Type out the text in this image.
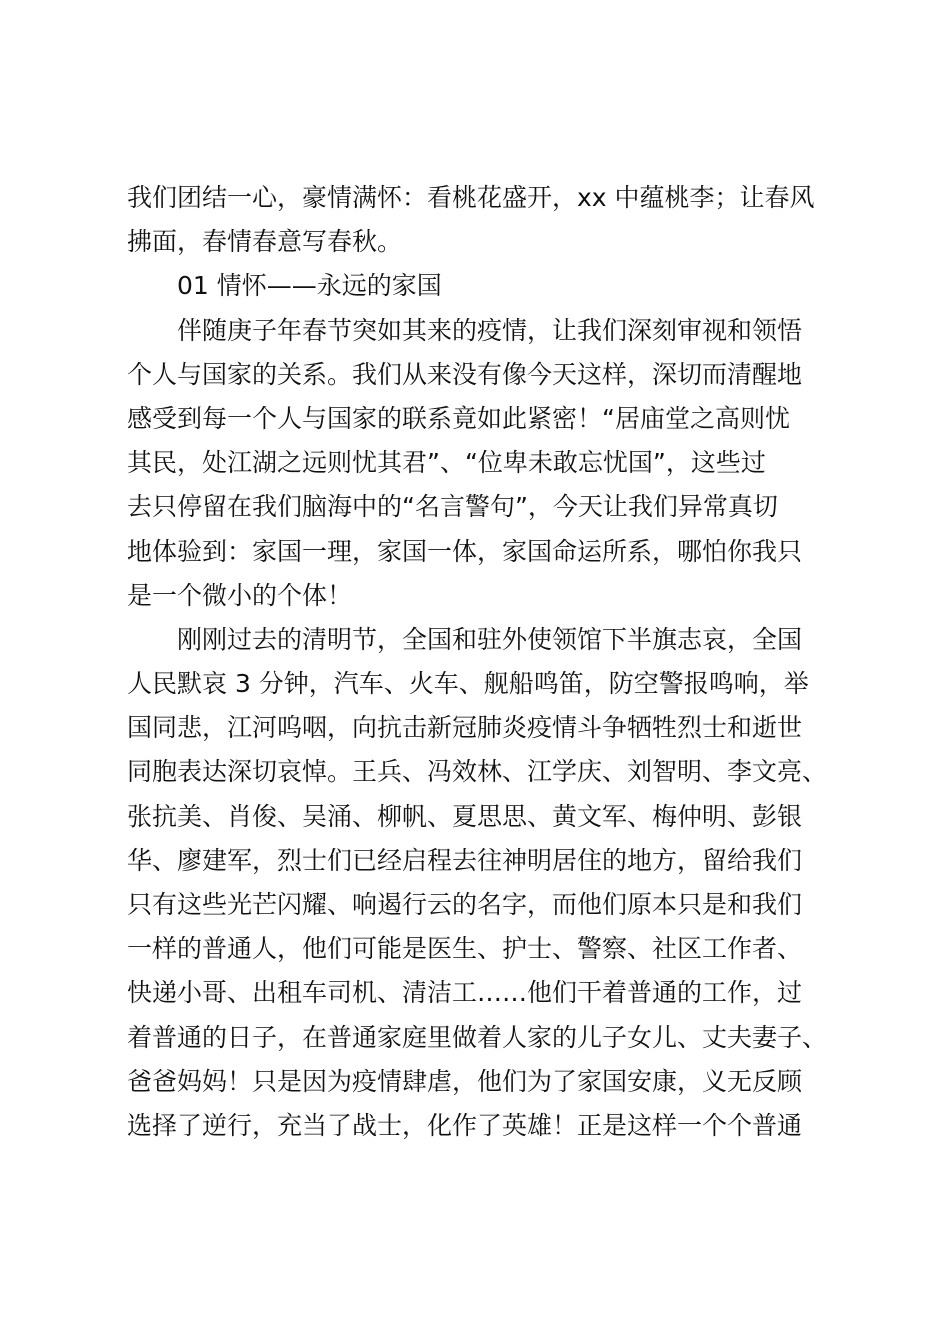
我们团结一心，豪情满怀：看桃花盛开，xx 中蕴桃李；让春风
拂面，春情春意写春秋。
01 情怀——永远的家国
伴随庚子年春节突如其来的疫情，让我们深刻审视和领悟
个人与国家的关系。我们从来没有像今天这样，深切而清醒地
感受到每一个人与国家的联系竟如此紧密！“居庙堂之高则忧
其民，处江湖之远则忧其君”、“位卑未敢忘忧国”，这些过
去只停留在我们脑海中的“名言警句”，今天让我们异常真切
地体验到：家国一理，家国一体，家国命运所系，哪怕你我只
是一个微小的个体！
刚刚过去的清明节，全国和驻外使领馆下半旗志哀，全国
人民默哀 3 分钟，汽车、火车、舰船鸣笛，防空警报鸣响，举
国同悲，江河呜咽，向抗击新冠肺炎疫情斗争牺牲烈士和逝世
同胞表达深切哀悼。王兵、冯效林、江学庆、刘智明、李文亮、
张抗美、肖俊、吴涌、柳帆、夏思思、黄文军、梅仲明、彭银
华、廖建军，烈士们已经启程去往神明居住的地方，留给我们
只有这些光芒闪耀、响遏行云的名字，而他们原本只是和我们
一样的普通人，他们可能是医生、护士、警察、社区工作者、
快递小哥、出租车司机、清洁工……他们干着普通的工作，过
着普通的日子，在普通家庭里做着人家的儿子女儿、丈夫妻子、
爸爸妈妈！只是因为疫情肆虐，他们为了家国安康，义无反顾
选择了逆行，充当了战士，化作了英雄！正是这样一个个普通
